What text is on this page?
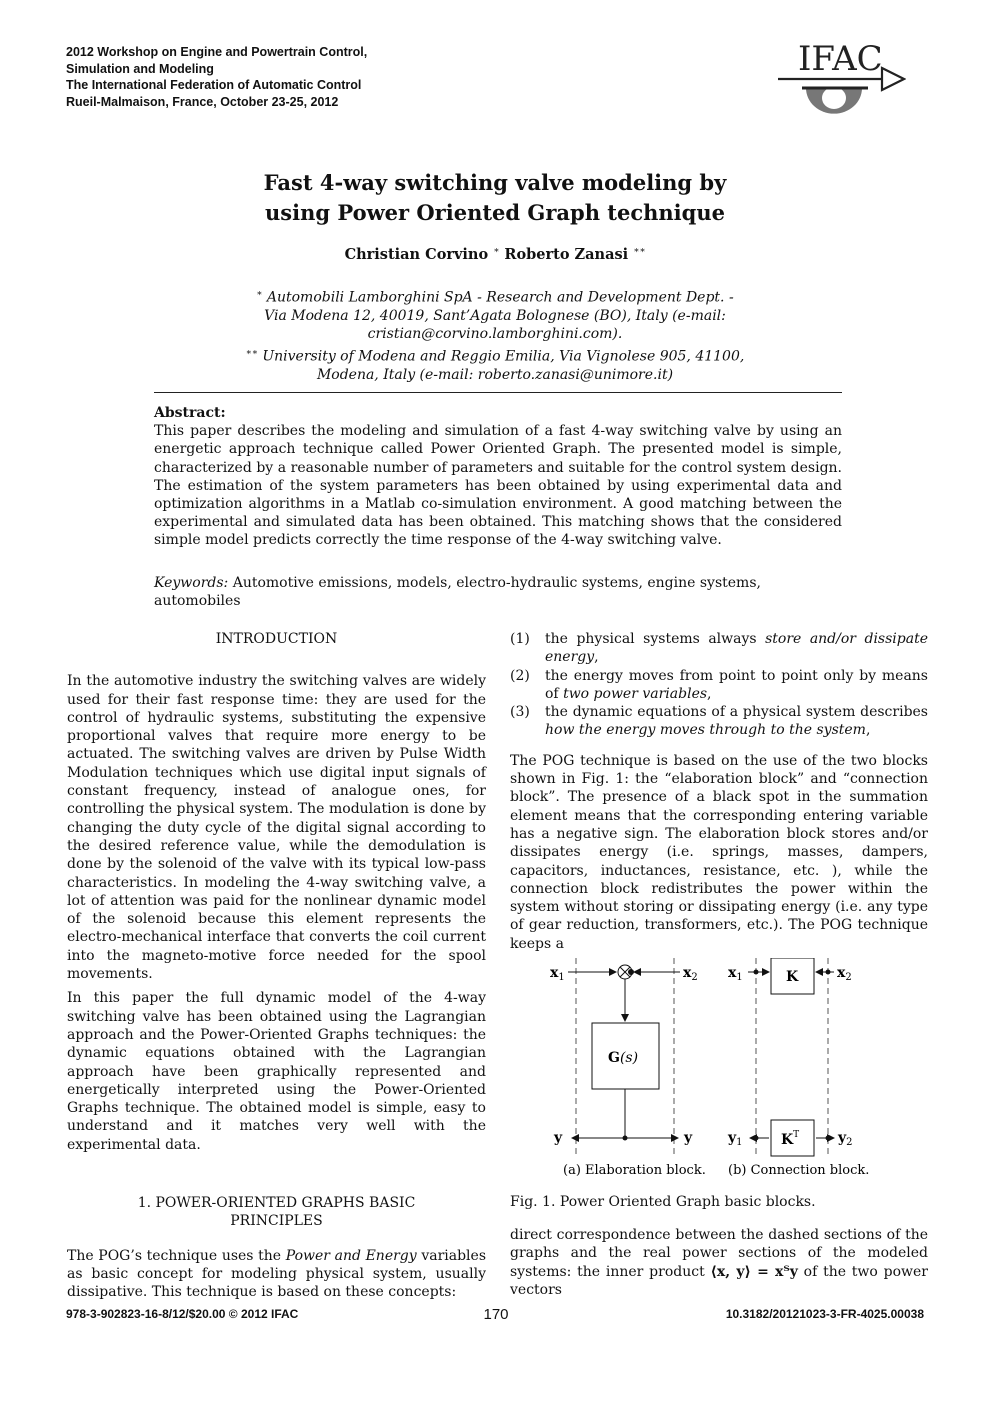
2012 Workshop on Engine and Powertrain Control,
Simulation and Modeling
The International Federation of Automatic Control
Rueil-Malmaison, France, October 23-25, 2012
IFAC
Fast 4-way switching valve modeling by
using Power Oriented Graph technique
Christian Corvino ∗ Roberto Zanasi ∗∗
∗ Automobili Lamborghini SpA - Research and Development Dept. -
Via Modena 12, 40019, Sant’Agata Bolognese (BO), Italy (e-mail:
cristian@corvino.lamborghini.com).
∗∗ University of Modena and Reggio Emilia, Via Vignolese 905, 41100,
Modena, Italy (e-mail: roberto.zanasi@unimore.it)
Abstract:
This paper describes the modeling and simulation of a fast 4-way switching valve by using an energetic approach technique called Power Oriented Graph. The presented model is simple, characterized by a reasonable number of parameters and suitable for the control system design. The estimation of the system parameters has been obtained by using experimental data and optimization algorithms in a Matlab co-simulation environment. A good matching between the experimental and simulated data has been obtained. This matching shows that the considered simple model predicts correctly the time response of the 4-way switching valve.
Keywords: Automotive emissions, models, electro-hydraulic systems, engine systems, automobiles
INTRODUCTION

In the automotive industry the switching valves are widely used for their fast response time: they are used for the control of hydraulic systems, substituting the expensive proportional valves that require more energy to be actuated. The switching valves are driven by Pulse Width Modulation techniques which use digital input signals of constant frequency, instead of analogue ones, for controlling the physical system. The modulation is done by changing the duty cycle of the digital signal according to the desired reference value, while the demodulation is done by the solenoid of the valve with its typical low-pass characteristics. In modeling the 4-way switching valve, a lot of attention was paid for the nonlinear dynamic model of the solenoid because this element represents the electro-mechanical interface that converts the coil current into the magneto-motive force needed for the spool movements.

In this paper the full dynamic model of the 4-way switching valve has been obtained using the Lagrangian approach and the Power-Oriented Graphs techniques: the dynamic equations obtained with the Lagrangian approach have been graphically represented and energetically interpreted using the Power-Oriented Graphs technique. The obtained model is simple, easy to understand and it matches very well with the experimental data.

1. POWER-ORIENTED GRAPHS BASIC
PRINCIPLES

The POG’s technique uses the Power and Energy variables as basic concept for modeling physical system, usually dissipative. This technique is based on these concepts:

(1)	the physical systems always store and/or dissipate energy,
(2)	the energy moves from point to point only by means of two power variables,
(3)	the dynamic equations of a physical system describes how the energy moves through to the system,

The POG technique is based on the use of the two blocks shown in Fig. 1: the “elaboration block” and “connection block”. The presence of a black spot in the summation element means that the corresponding entering variable has a negative sign. The elaboration block stores and/or dissipates energy (i.e. springs, masses, dampers, capacitors, inductances, resistance, etc. ), while the connection block redistributes the power within the system without storing or dissipating energy (i.e. any type of gear reduction, transformers, etc.). The POG technique keeps a

$x_1$	$x_2$
G(s)
y	y
(a) Elaboration block.
$x_1$	$x_2$
K
$K^T$
$y_1$	$y_2$
(b) Connection block.
Fig. 1. Power Oriented Graph basic blocks.
direct correspondence between the dashed sections of the graphs and the real power sections of the modeled systems: the inner product ⟨x, y⟩ = xᵀy of the two power vectors
978-3-902823-16-8/12/$20.00 © 2012 IFAC	170	10.3182/20121023-3-FR-4025.00038
